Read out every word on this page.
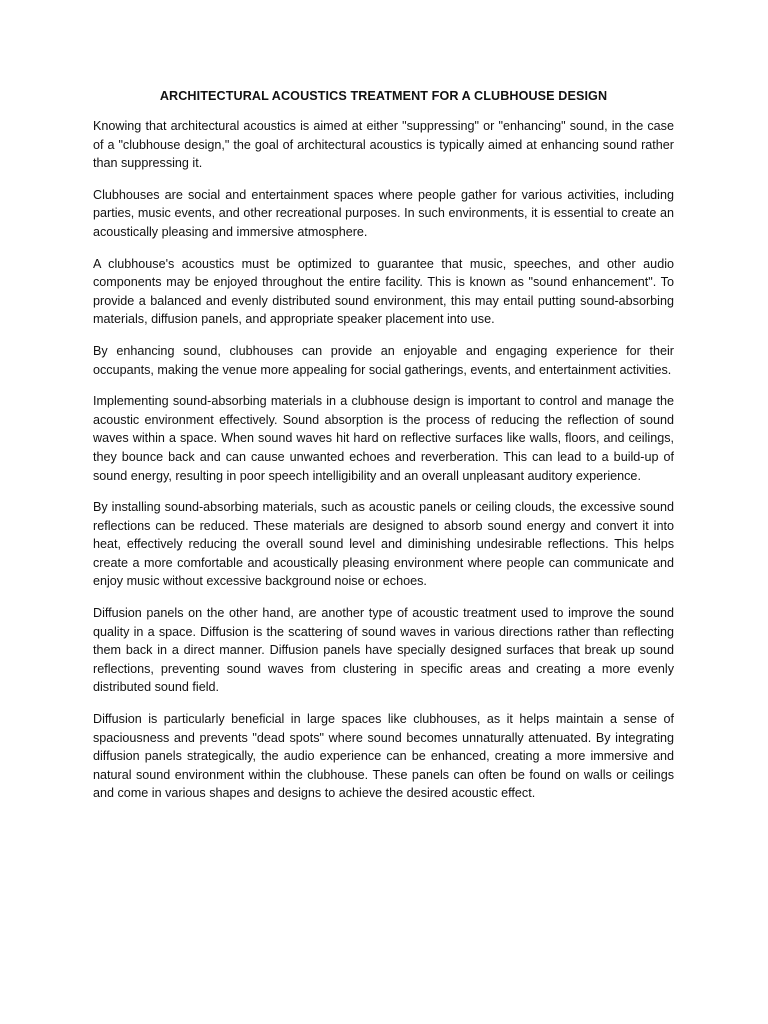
ARCHITECTURAL ACOUSTICS TREATMENT FOR A CLUBHOUSE DESIGN

Knowing that architectural acoustics is aimed at either "suppressing" or "enhancing" sound, in the case of a "clubhouse design," the goal of architectural acoustics is typically aimed at enhancing sound rather than suppressing it.

Clubhouses are social and entertainment spaces where people gather for various activities, including parties, music events, and other recreational purposes. In such environments, it is essential to create an acoustically pleasing and immersive atmosphere.

A clubhouse's acoustics must be optimized to guarantee that music, speeches, and other audio components may be enjoyed throughout the entire facility. This is known as "sound enhancement". To provide a balanced and evenly distributed sound environment, this may entail putting sound-absorbing materials, diffusion panels, and appropriate speaker placement into use.

By enhancing sound, clubhouses can provide an enjoyable and engaging experience for their occupants, making the venue more appealing for social gatherings, events, and entertainment activities.

Implementing sound-absorbing materials in a clubhouse design is important to control and manage the acoustic environment effectively. Sound absorption is the process of reducing the reflection of sound waves within a space. When sound waves hit hard on reflective surfaces like walls, floors, and ceilings, they bounce back and can cause unwanted echoes and reverberation. This can lead to a build-up of sound energy, resulting in poor speech intelligibility and an overall unpleasant auditory experience.

By installing sound-absorbing materials, such as acoustic panels or ceiling clouds, the excessive sound reflections can be reduced. These materials are designed to absorb sound energy and convert it into heat, effectively reducing the overall sound level and diminishing undesirable reflections. This helps create a more comfortable and acoustically pleasing environment where people can communicate and enjoy music without excessive background noise or echoes.

Diffusion panels on the other hand, are another type of acoustic treatment used to improve the sound quality in a space. Diffusion is the scattering of sound waves in various directions rather than reflecting them back in a direct manner. Diffusion panels have specially designed surfaces that break up sound reflections, preventing sound waves from clustering in specific areas and creating a more evenly distributed sound field.

Diffusion is particularly beneficial in large spaces like clubhouses, as it helps maintain a sense of spaciousness and prevents "dead spots" where sound becomes unnaturally attenuated. By integrating diffusion panels strategically, the audio experience can be enhanced, creating a more immersive and natural sound environment within the clubhouse. These panels can often be found on walls or ceilings and come in various shapes and designs to achieve the desired acoustic effect.
